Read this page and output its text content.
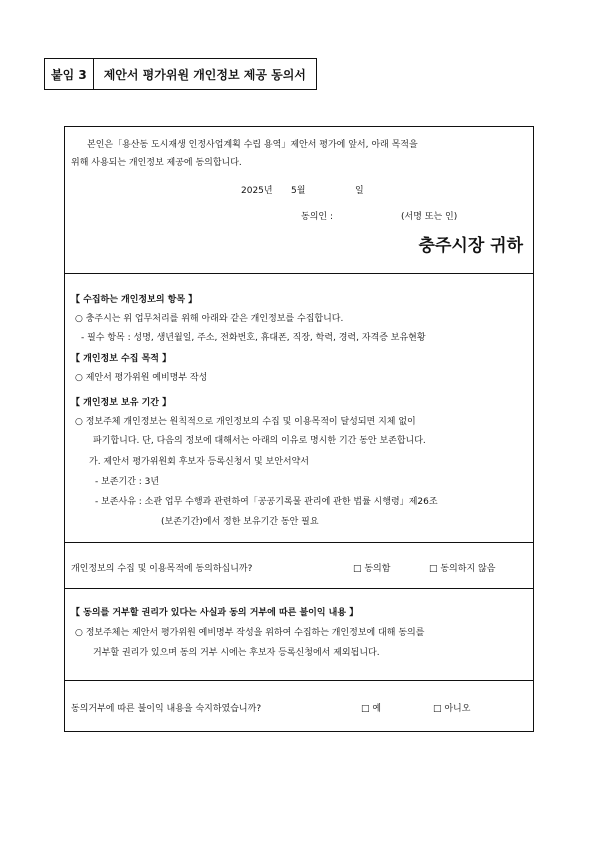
붙임 3	제안서 평가위원 개인정보 제공 동의서
본인은「용산동 도시재생 인정사업계획 수립 용역」제안서 평가에 앞서, 아래 목적을
위해 사용되는 개인정보 제공에 동의합니다.
2025년 5월	일
동의인 :	(서명 또는 인)
충주시장 귀하
【 수집하는 개인정보의 항목 】
○ 충주시는 위 업무처리를 위해 아래와 같은 개인정보를 수집합니다.
- 필수 항목 : 성명, 생년월일, 주소, 전화번호, 휴대폰, 직장, 학력, 경력, 자격증 보유현황
【 개인정보 수집 목적 】
○ 제안서 평가위원 예비명부 작성
【 개인정보 보유 기간 】
○ 정보주체 개인정보는 원칙적으로 개인정보의 수집 및 이용목적이 달성되면 지체 없이
파기합니다. 단, 다음의 정보에 대해서는 아래의 이유로 명시한 기간 동안 보존합니다.
가. 제안서 평가위원회 후보자 등록신청서 및 보안서약서
- 보존기간 : 3년
- 보존사유 : 소관 업무 수행과 관련하여「공공기록물 관리에 관한 법률 시행령」제26조
(보존기간)에서 정한 보유기간 동안 필요
개인정보의 수집 및 이용목적에 동의하십니까?	□ 동의함	□ 동의하지 않음
【 동의를 거부할 권리가 있다는 사실과 동의 거부에 따른 불이익 내용 】
○ 정보주체는 제안서 평가위원 예비명부 작성을 위하여 수집하는 개인정보에 대해 동의를
거부할 권리가 있으며 동의 거부 시에는 후보자 등록신청에서 제외됩니다.
동의거부에 따른 불이익 내용을 숙지하였습니까?	□ 예	□ 아니오
